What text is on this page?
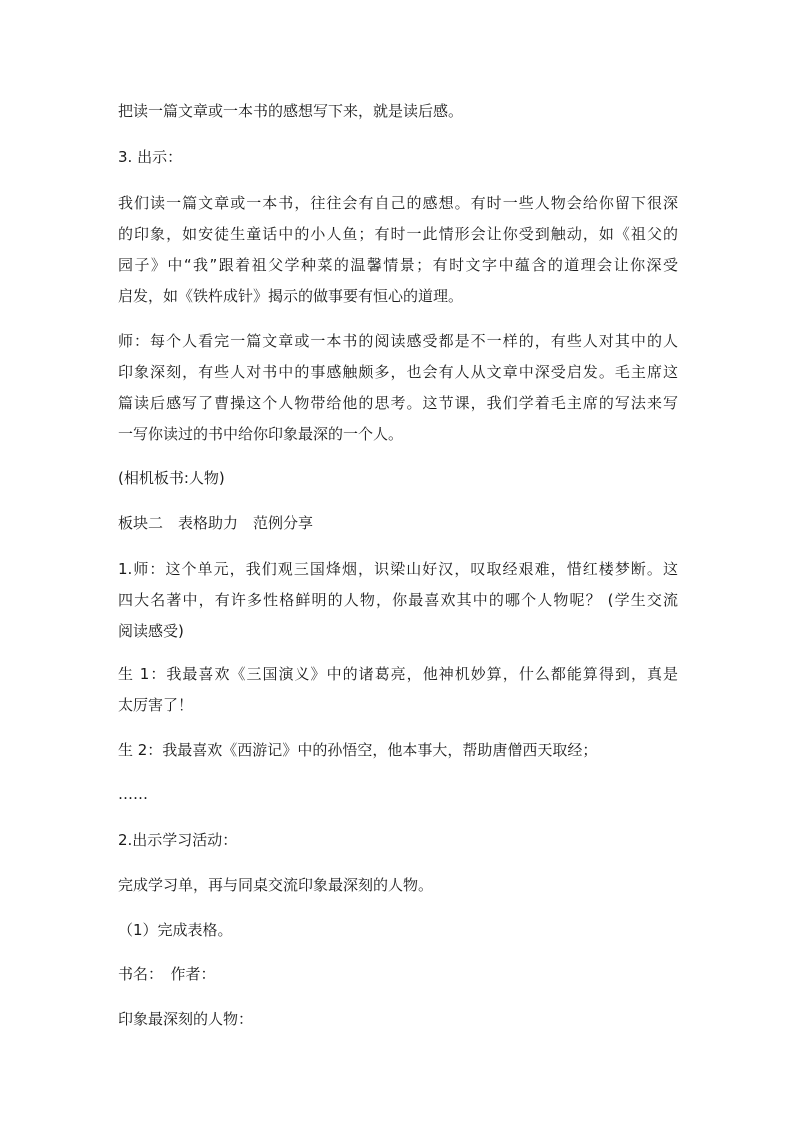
把读一篇文章或一本书的感想写下来，就是读后感。
3. 出示：
我们读一篇文章或一本书，往往会有自己的感想。有时一些人物会给你留下很深
的印象，如安徒生童话中的小人鱼；有时一此情形会让你受到触动，如《祖父的
园子》中“我”跟着祖父学种菜的温馨情景；有时文字中蕴含的道理会让你深受
启发，如《铁杵成针》揭示的做事要有恒心的道理。
师：每个人看完一篇文章或一本书的阅读感受都是不一样的，有些人对其中的人
印象深刻，有些人对书中的事感触颇多，也会有人从文章中深受启发。毛主席这
篇读后感写了曹操这个人物带给他的思考。这节课，我们学着毛主席的写法来写
一写你读过的书中给你印象最深的一个人。
(相机板书:人物)
板块二　表格助力　范例分享
1.师：这个单元，我们观三国烽烟，识梁山好汉，叹取经艰难，惜红楼梦断。这
四大名著中，有许多性格鲜明的人物，你最喜欢其中的哪个人物呢？ (学生交流
阅读感受)
生 1：我最喜欢《三国演义》中的诸葛亮，他神机妙算，什么都能算得到，真是
太厉害了！
生 2：我最喜欢《西游记》中的孙悟空，他本事大，帮助唐僧西天取经；
……
2.出示学习活动：
完成学习单，再与同桌交流印象最深刻的人物。
（1）完成表格。
书名：　作者：
印象最深刻的人物：
